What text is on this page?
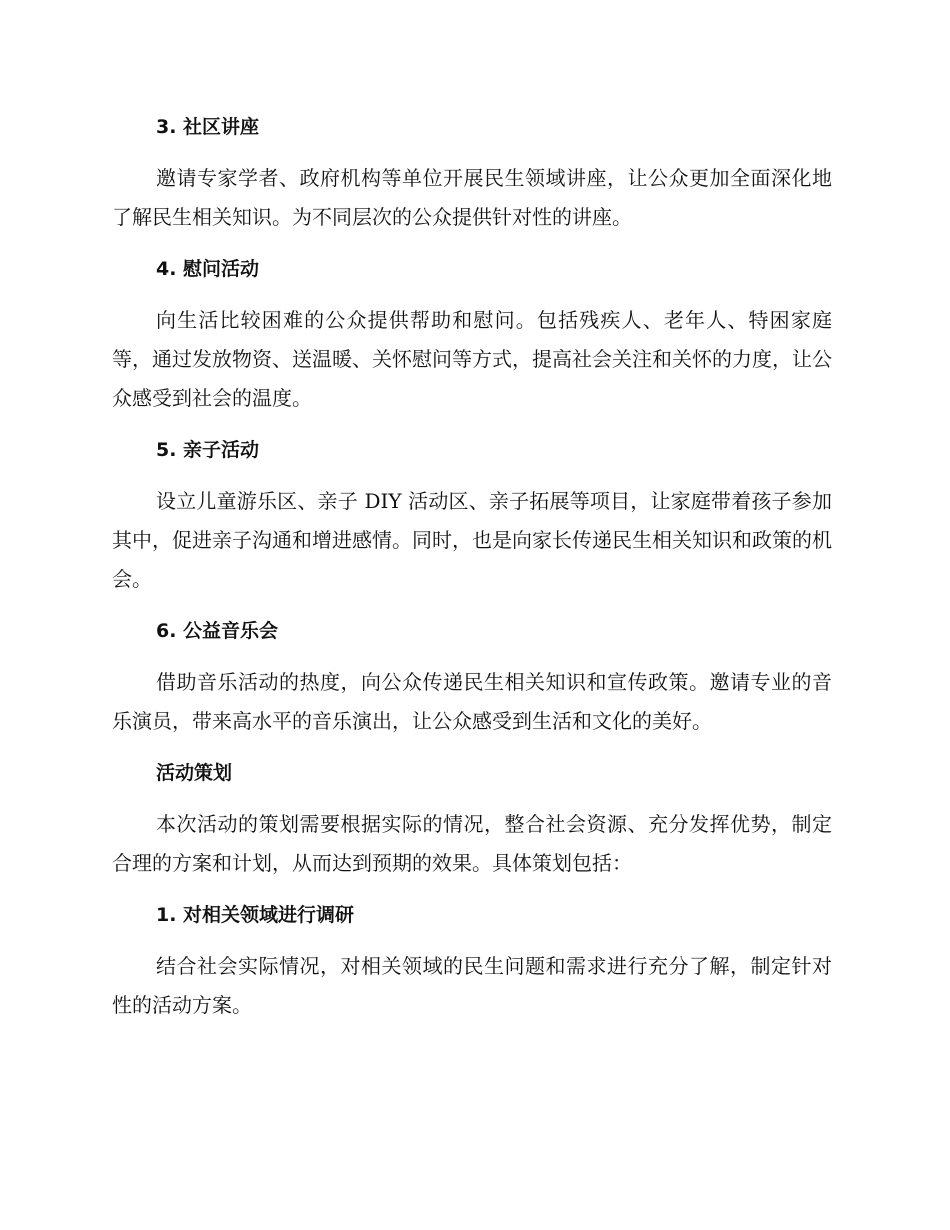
3. 社区讲座
邀请专家学者、政府机构等单位开展民生领域讲座，让公众更加全面深化地了解民生相关知识。为不同层次的公众提供针对性的讲座。
4. 慰问活动
向生活比较困难的公众提供帮助和慰问。包括残疾人、老年人、特困家庭等，通过发放物资、送温暖、关怀慰问等方式，提高社会关注和关怀的力度，让公众感受到社会的温度。
5. 亲子活动
设立儿童游乐区、亲子 DIY 活动区、亲子拓展等项目，让家庭带着孩子参加其中，促进亲子沟通和增进感情。同时，也是向家长传递民生相关知识和政策的机会。
6. 公益音乐会
借助音乐活动的热度，向公众传递民生相关知识和宣传政策。邀请专业的音乐演员，带来高水平的音乐演出，让公众感受到生活和文化的美好。
活动策划
本次活动的策划需要根据实际的情况，整合社会资源、充分发挥优势，制定合理的方案和计划，从而达到预期的效果。具体策划包括：
1. 对相关领域进行调研
结合社会实际情况，对相关领域的民生问题和需求进行充分了解，制定针对性的活动方案。
